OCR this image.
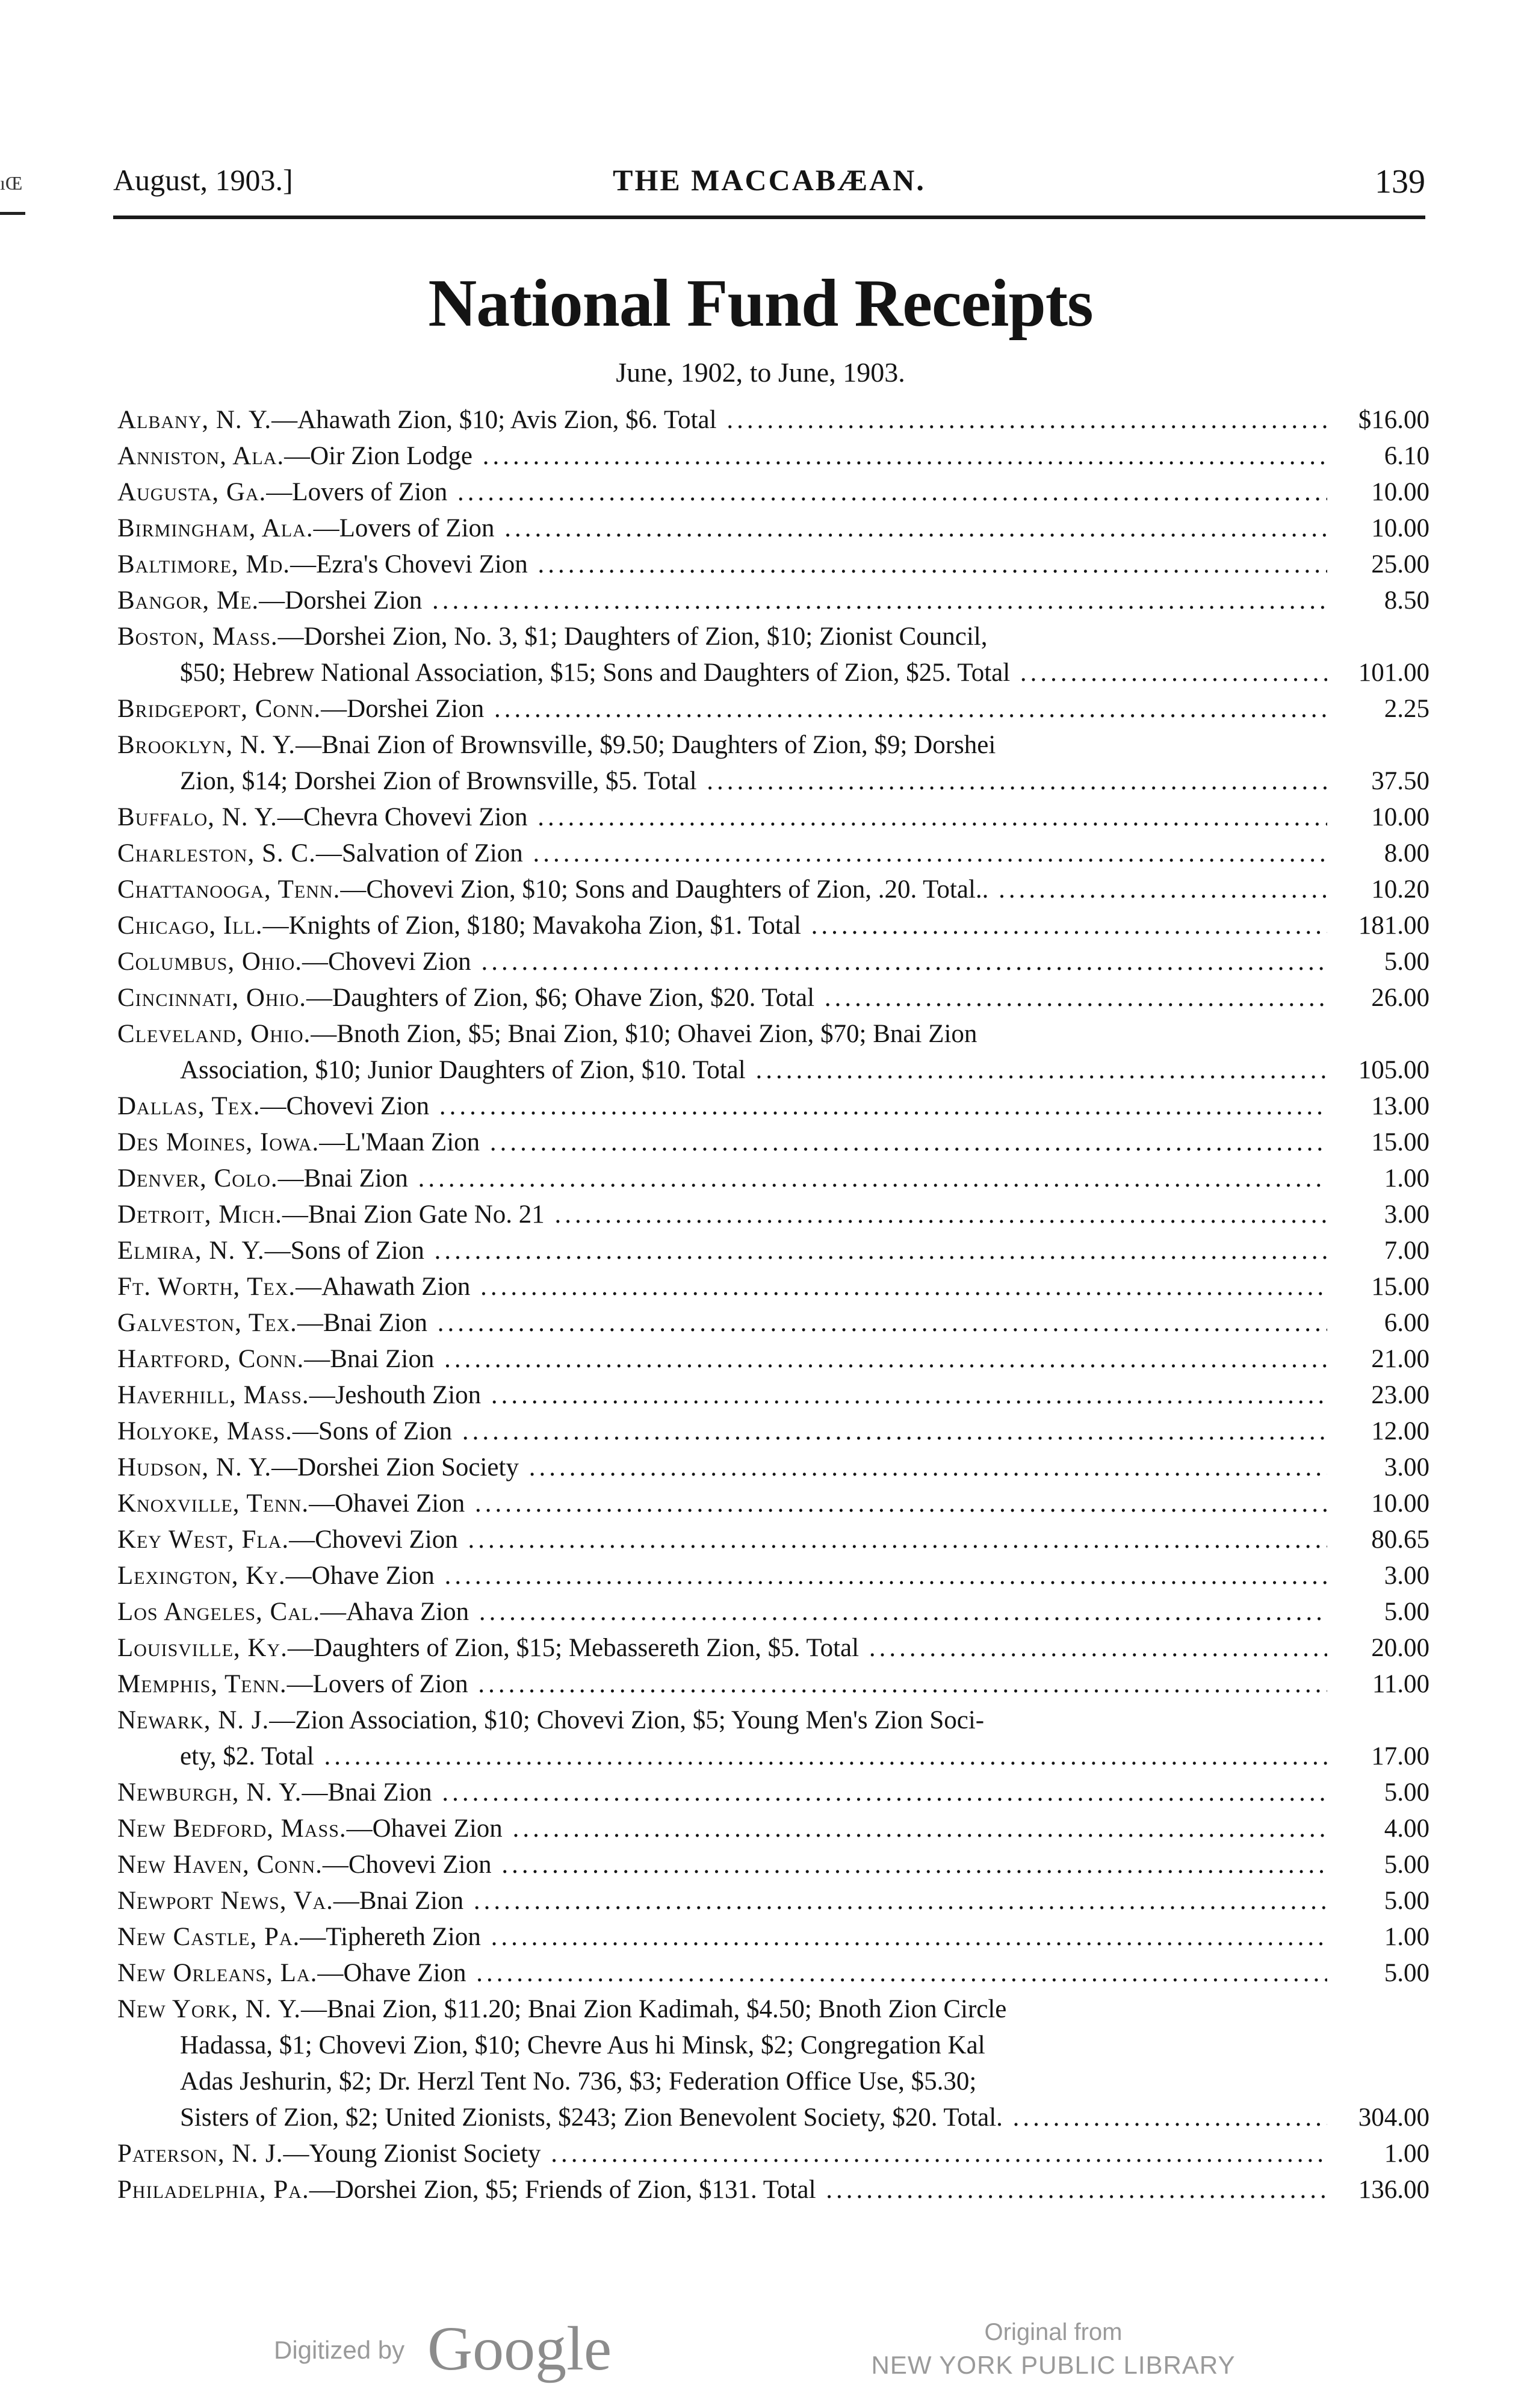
ıŒ	August, 1903.]	THE MACCABÆAN.	139
National Fund Receipts
June, 1902, to June, 1903.
Albany, N. Y.—Ahawath Zion, $10; Avis Zion, $6. Total .....	$16.00
Anniston, Ala.—Oir Zion Lodge .....	6.10
Augusta, Ga.—Lovers of Zion .....	10.00
Birmingham, Ala.—Lovers of Zion .....	10.00
Baltimore, Md.—Ezra's Chovevi Zion .....	25.00
Bangor, Me.—Dorshei Zion .....	8.50
Boston, Mass.—Dorshei Zion, No. 3, $1; Daughters of Zion, $10; Zionist Council,
$50; Hebrew National Association, $15; Sons and Daughters of Zion, $25. Total .....	101.00
Bridgeport, Conn.—Dorshei Zion .....	2.25
Brooklyn, N. Y.—Bnai Zion of Brownsville, $9.50; Daughters of Zion, $9; Dorshei
Zion, $14; Dorshei Zion of Brownsville, $5. Total .....	37.50
Buffalo, N. Y.—Chevra Chovevi Zion .....	10.00
Charleston, S. C.—Salvation of Zion .....	8.00
Chattanooga, Tenn.—Chovevi Zion, $10; Sons and Daughters of Zion, .20. Total.. .....	10.20
Chicago, Ill.—Knights of Zion, $180; Mavakoha Zion, $1. Total .....	181.00
Columbus, Ohio.—Chovevi Zion .....	5.00
Cincinnati, Ohio.—Daughters of Zion, $6; Ohave Zion, $20. Total .....	26.00
Cleveland, Ohio.—Bnoth Zion, $5; Bnai Zion, $10; Ohavei Zion, $70; Bnai Zion
Association, $10; Junior Daughters of Zion, $10. Total .....	105.00
Dallas, Tex.—Chovevi Zion .....	13.00
Des Moines, Iowa.—L'Maan Zion .....	15.00
Denver, Colo.—Bnai Zion .....	1.00
Detroit, Mich.—Bnai Zion Gate No. 21 .....	3.00
Elmira, N. Y.—Sons of Zion .....	7.00
Ft. Worth, Tex.—Ahawath Zion .....	15.00
Galveston, Tex.—Bnai Zion .....	6.00
Hartford, Conn.—Bnai Zion .....	21.00
Haverhill, Mass.—Jeshouth Zion .....	23.00
Holyoke, Mass.—Sons of Zion .....	12.00
Hudson, N. Y.—Dorshei Zion Society .....	3.00
Knoxville, Tenn.—Ohavei Zion .....	10.00
Key West, Fla.—Chovevi Zion .....	80.65
Lexington, Ky.—Ohave Zion .....	3.00
Los Angeles, Cal.—Ahava Zion .....	5.00
Louisville, Ky.—Daughters of Zion, $15; Mebassereth Zion, $5. Total .....	20.00
Memphis, Tenn.—Lovers of Zion .....	11.00
Newark, N. J.—Zion Association, $10; Chovevi Zion, $5; Young Men's Zion Soci-
ety, $2. Total .....	17.00
Newburgh, N. Y.—Bnai Zion .....	5.00
New Bedford, Mass.—Ohavei Zion .....	4.00
New Haven, Conn.—Chovevi Zion .....	5.00
Newport News, Va.—Bnai Zion .....	5.00
New Castle, Pa.—Tiphereth Zion .....	1.00
New Orleans, La.—Ohave Zion .....	5.00
New York, N. Y.—Bnai Zion, $11.20; Bnai Zion Kadimah, $4.50; Bnoth Zion Circle
Hadassa, $1; Chovevi Zion, $10; Chevre Aus hi Minsk, $2; Congregation Kal
Adas Jeshurin, $2; Dr. Herzl Tent No. 736, $3; Federation Office Use, $5.30;
Sisters of Zion, $2; United Zionists, $243; Zion Benevolent Society, $20. Total. .....	304.00
Paterson, N. J.—Young Zionist Society .....	1.00
Philadelphia, Pa.—Dorshei Zion, $5; Friends of Zion, $131. Total .....	136.00
Digitized by Google	Original from
NEW YORK PUBLIC LIBRARY
